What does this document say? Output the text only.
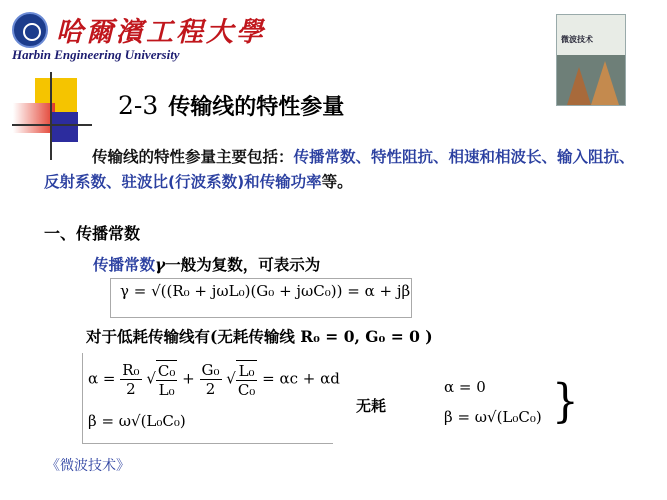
哈爾濱工程大學
Harbin Engineering University
微波技术
2-3 传输线的特性参量
传输线的特性参量主要包括：传播常数、特性阻抗、相速和相波长、输入阻抗、反射系数、驻波比(行波系数)和传输功率等。
一、传播常数
传播常数γ一般为复数，可表示为
γ = √((R₀ + jωL₀)(G₀ + jωC₀)) = α + jβ
对于低耗传输线有(无耗传输线 R₀ = 0, G₀ = 0 )
$\alpha = \frac{\text{R₀}}{2}$ √ $\frac{\text{C₀}}{\text{L₀}} + \frac{\text{G₀}}{2}$ √ $\frac{\text{L₀}}{\text{C₀}} = \alpha c + \alpha d$
β = ω√(L₀C₀)
无耗
α = 0
β = ω√(L₀C₀) }
《微波技术》
